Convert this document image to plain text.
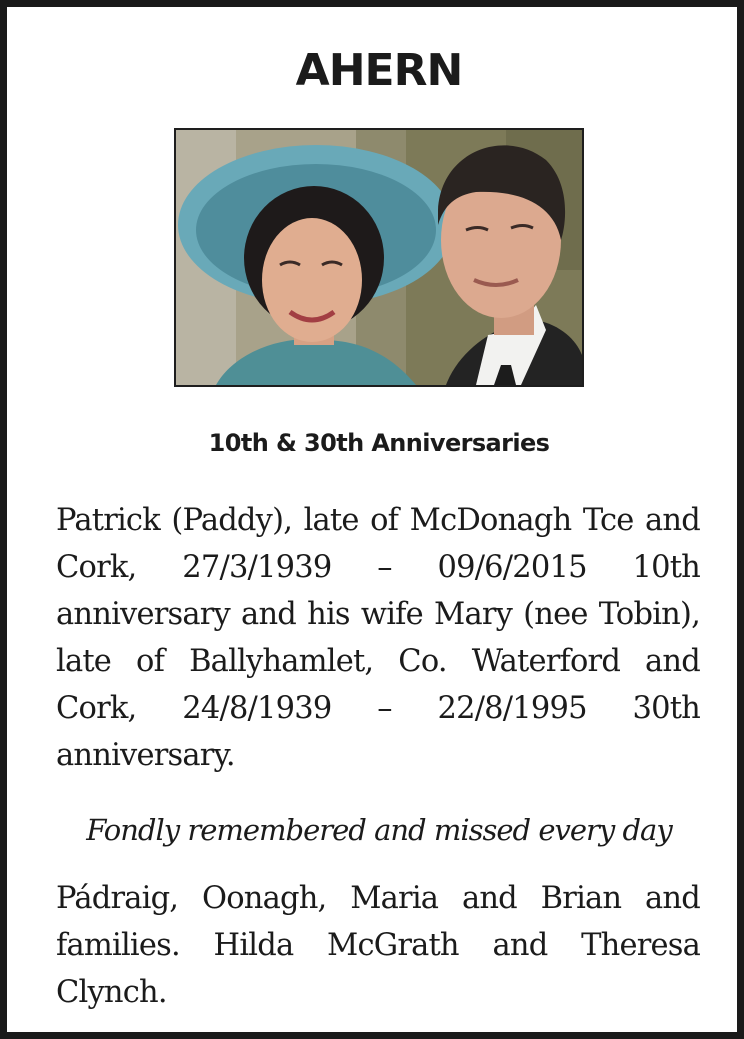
AHERN
10th & 30th Anniversaries

Patrick (Paddy), late of McDonagh Tce and Cork, 27/3/1939 – 09/6/2015 10th anniversary and his wife Mary (nee Tobin), late of Ballyhamlet, Co. Waterford and Cork, 24/8/1939 – 22/8/1995 30th anniversary.

Fondly remembered and missed every day

Pádraig, Oonagh, Maria and Brian and families. Hilda McGrath and Theresa Clynch.
